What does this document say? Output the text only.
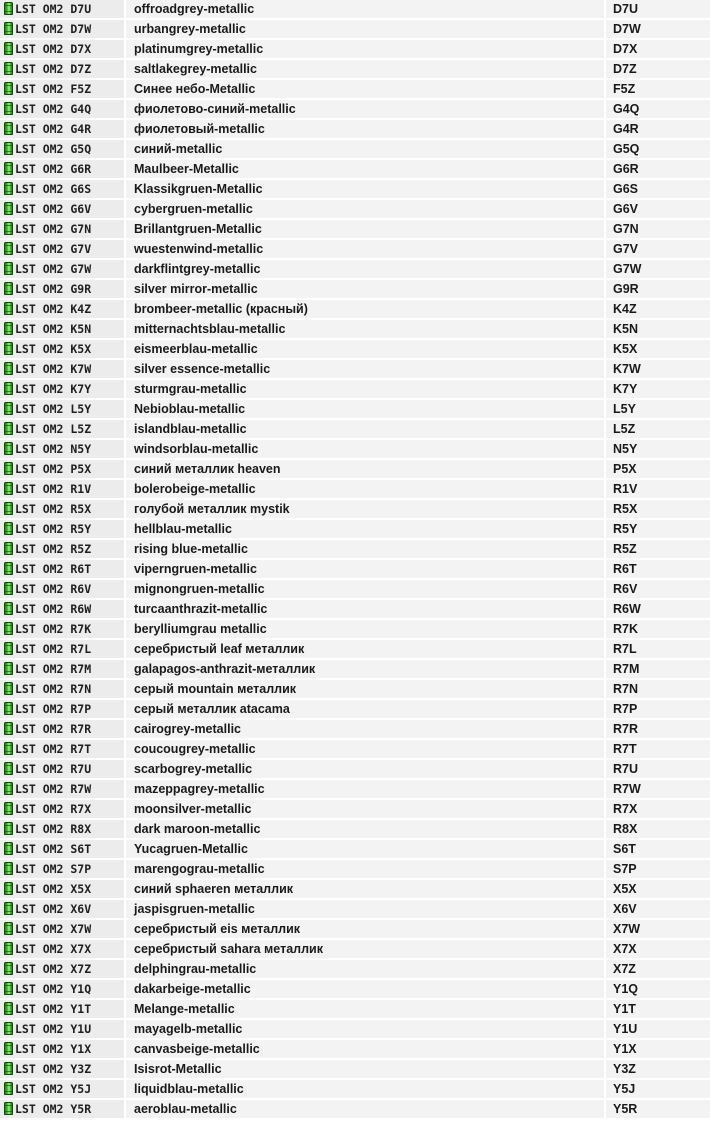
LST OM2 D7U	offroadgrey-metallic	D7U
LST OM2 D7W	urbangrey-metallic	D7W
LST OM2 D7X	platinumgrey-metallic	D7X
LST OM2 D7Z	saltlakegrey-metallic	D7Z
LST OM2 F5Z	Синее небо-Metallic	F5Z
LST OM2 G4Q	фиолетово-синий-metallic	G4Q
LST OM2 G4R	фиолетовый-metallic	G4R
LST OM2 G5Q	синий-metallic	G5Q
LST OM2 G6R	Maulbeer-Metallic	G6R
LST OM2 G6S	Klassikgruen-Metallic	G6S
LST OM2 G6V	cybergruen-metallic	G6V
LST OM2 G7N	Brillantgruen-Metallic	G7N
LST OM2 G7V	wuestenwind-metallic	G7V
LST OM2 G7W	darkflintgrey-metallic	G7W
LST OM2 G9R	silver mirror-metallic	G9R
LST OM2 K4Z	brombeer-metallic (красный)	K4Z
LST OM2 K5N	mitternachtsblau-metallic	K5N
LST OM2 K5X	eismeerblau-metallic	K5X
LST OM2 K7W	silver essence-metallic	K7W
LST OM2 K7Y	sturmgrau-metallic	K7Y
LST OM2 L5Y	Nebioblau-metallic	L5Y
LST OM2 L5Z	islandblau-metallic	L5Z
LST OM2 N5Y	windsorblau-metallic	N5Y
LST OM2 P5X	синий металлик heaven	P5X
LST OM2 R1V	bolerobeige-metallic	R1V
LST OM2 R5X	голубой металлик mystik	R5X
LST OM2 R5Y	hellblau-metallic	R5Y
LST OM2 R5Z	rising blue-metallic	R5Z
LST OM2 R6T	viperngruen-metallic	R6T
LST OM2 R6V	mignongruen-metallic	R6V
LST OM2 R6W	turcaanthrazit-metallic	R6W
LST OM2 R7K	berylliumgrau metallic	R7K
LST OM2 R7L	серебристый leaf металлик	R7L
LST OM2 R7M	galapagos-anthrazit-металлик	R7M
LST OM2 R7N	серый mountain металлик	R7N
LST OM2 R7P	серый металлик atacama	R7P
LST OM2 R7R	cairogrey-metallic	R7R
LST OM2 R7T	coucougrey-metallic	R7T
LST OM2 R7U	scarbogrey-metallic	R7U
LST OM2 R7W	mazeppagrey-metallic	R7W
LST OM2 R7X	moonsilver-metallic	R7X
LST OM2 R8X	dark maroon-metallic	R8X
LST OM2 S6T	Yucagruen-Metallic	S6T
LST OM2 S7P	marengograu-metallic	S7P
LST OM2 X5X	синий sphaeren металлик	X5X
LST OM2 X6V	jaspisgruen-metallic	X6V
LST OM2 X7W	серебристый eis металлик	X7W
LST OM2 X7X	серебристый sahara металлик	X7X
LST OM2 X7Z	delphingrau-metallic	X7Z
LST OM2 Y1Q	dakarbeige-metallic	Y1Q
LST OM2 Y1T	Melange-metallic	Y1T
LST OM2 Y1U	mayagelb-metallic	Y1U
LST OM2 Y1X	canvasbeige-metallic	Y1X
LST OM2 Y3Z	Isisrot-Metallic	Y3Z
LST OM2 Y5J	liquidblau-metallic	Y5J
LST OM2 Y5R	aeroblau-metallic	Y5R
